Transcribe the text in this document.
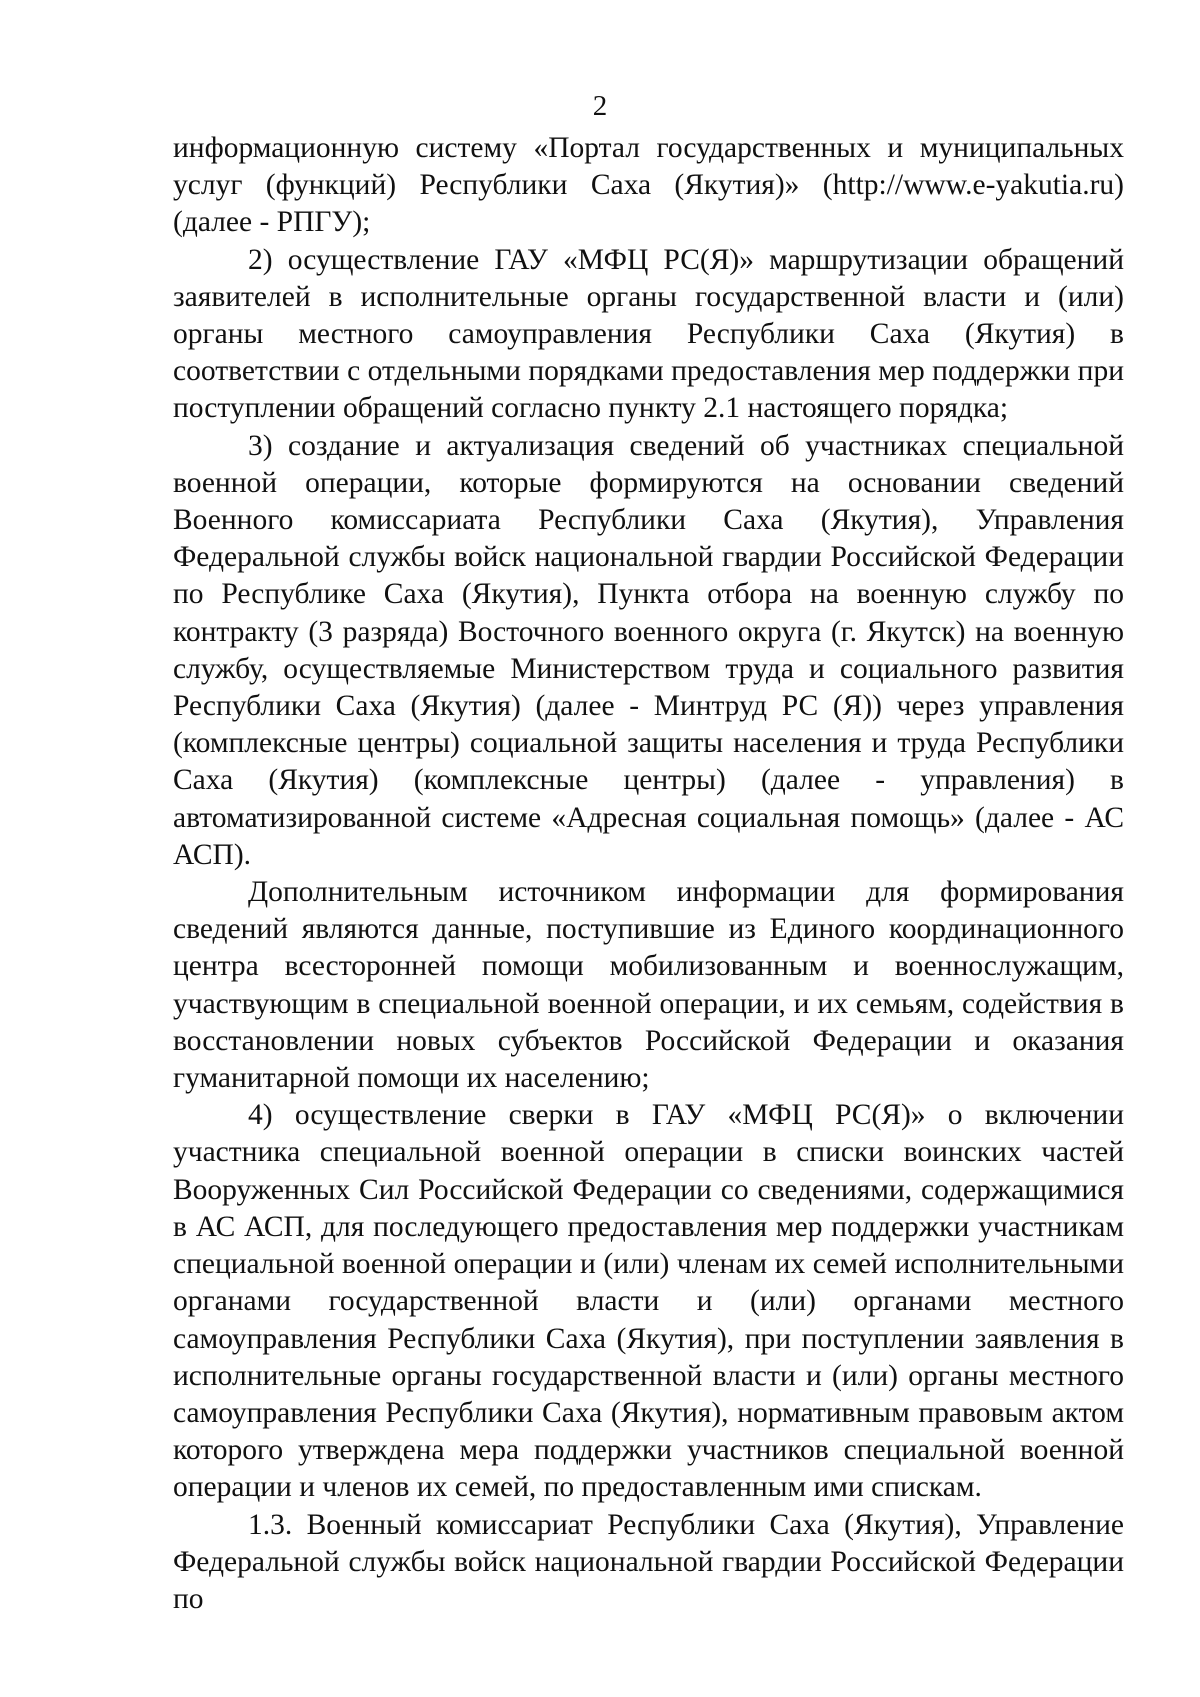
2

информационную систему «Портал государственных и муниципальных услуг (функций) Республики Саха (Якутия)» (http://www.e-yakutia.ru) (далее - РПГУ);

2) осуществление ГАУ «МФЦ РС(Я)» маршрутизации обращений заявителей в исполнительные органы государственной власти и (или) органы местного самоуправления Республики Саха (Якутия) в соответствии с отдельными порядками предоставления мер поддержки при поступлении обращений согласно пункту 2.1 настоящего порядка;

3) создание и актуализация сведений об участниках специальной военной операции, которые формируются на основании сведений Военного комиссариата Республики Саха (Якутия), Управления Федеральной службы войск национальной гвардии Российской Федерации по Республике Саха (Якутия), Пункта отбора на военную службу по контракту (3 разряда) Восточного военного округа (г. Якутск) на военную службу, осуществляемые Министерством труда и социального развития Республики Саха (Якутия) (далее - Минтруд РС (Я)) через управления (комплексные центры) социальной защиты населения и труда Республики Саха (Якутия) (комплексные центры) (далее - управления) в автоматизированной системе «Адресная социальная помощь» (далее - АС АСП).

Дополнительным источником информации для формирования сведений являются данные, поступившие из Единого координационного центра всесторонней помощи мобилизованным и военнослужащим, участвующим в специальной военной операции, и их семьям, содействия в восстановлении новых субъектов Российской Федерации и оказания гуманитарной помощи их населению;

4) осуществление сверки в ГАУ «МФЦ РС(Я)» о включении участника специальной военной операции в списки воинских частей Вооруженных Сил Российской Федерации со сведениями, содержащимися в АС АСП, для последующего предоставления мер поддержки участникам специальной военной операции и (или) членам их семей исполнительными органами государственной власти и (или) органами местного самоуправления Республики Саха (Якутия), при поступлении заявления в исполнительные органы государственной власти и (или) органы местного самоуправления Республики Саха (Якутия), нормативным правовым актом которого утверждена мера поддержки участников специальной военной операции и членов их семей, по предоставленным ими спискам.

1.3. Военный комиссариат Республики Саха (Якутия), Управление Федеральной службы войск национальной гвардии Российской Федерации по
